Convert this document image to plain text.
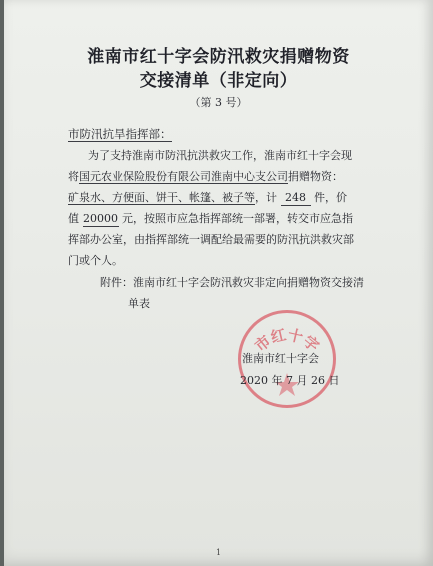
淮南市红十字会防汛救灾捐赠物资
交接清单（非定向）
（第 3 号）
市防汛抗旱指挥部：
为了支持淮南市防汛抗洪救灾工作，淮南市红十字会现
将国元农业保险股份有限公司淮南中心支公司捐赠物资：
矿泉水、方便面、饼干、帐篷、被子等，计 248 件，价
值 20000 元，按照市应急指挥部统一部署，转交市应急指
挥部办公室，由指挥部统一调配给最需要的防汛抗洪救灾部
门或个人。
附件：淮南市红十字会防汛救灾非定向捐赠物资交接清
单表
市红十字
淮南市红十字会
2020 年 7 月 26 日
1
